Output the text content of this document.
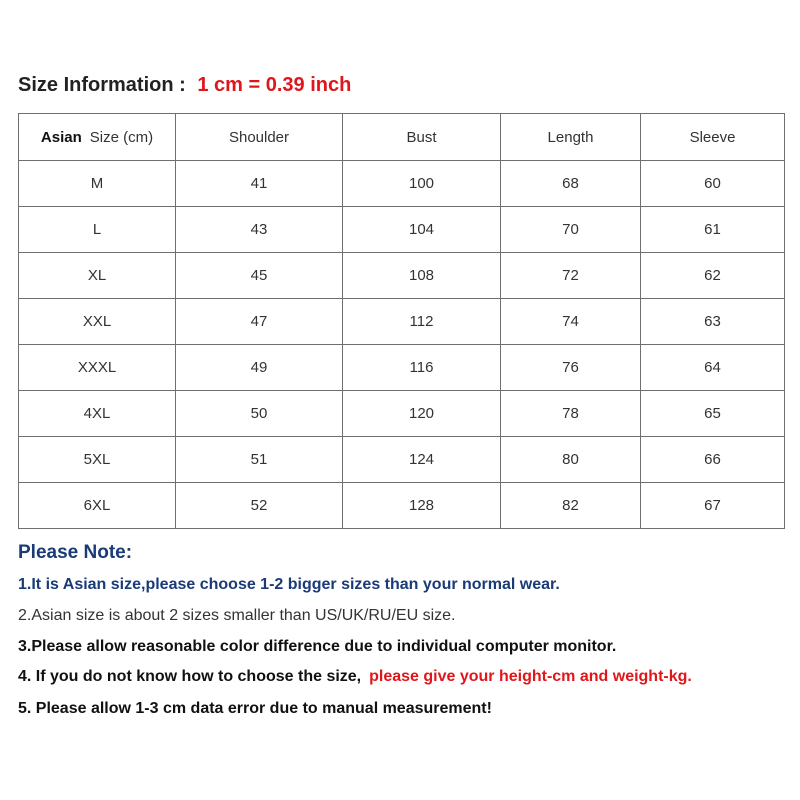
Size Information : 1 cm = 0.39 inch
Asian Size (cm)	Shoulder	Bust	Length	Sleeve
M	41	100	68	60
L	43	104	70	61
XL	45	108	72	62
XXL	47	112	74	63
XXXL	49	116	76	64
4XL	50	120	78	65
5XL	51	124	80	66
6XL	52	128	82	67
Please Note:
1.It is Asian size,please choose 1-2 bigger sizes than your normal wear.
2.Asian size is about 2 sizes smaller than US/UK/RU/EU size.
3.Please allow reasonable color difference due to individual computer monitor.
4. If you do not know how to choose the size, please give your height-cm and weight-kg.
5. Please allow 1-3 cm data error due to manual measurement!
